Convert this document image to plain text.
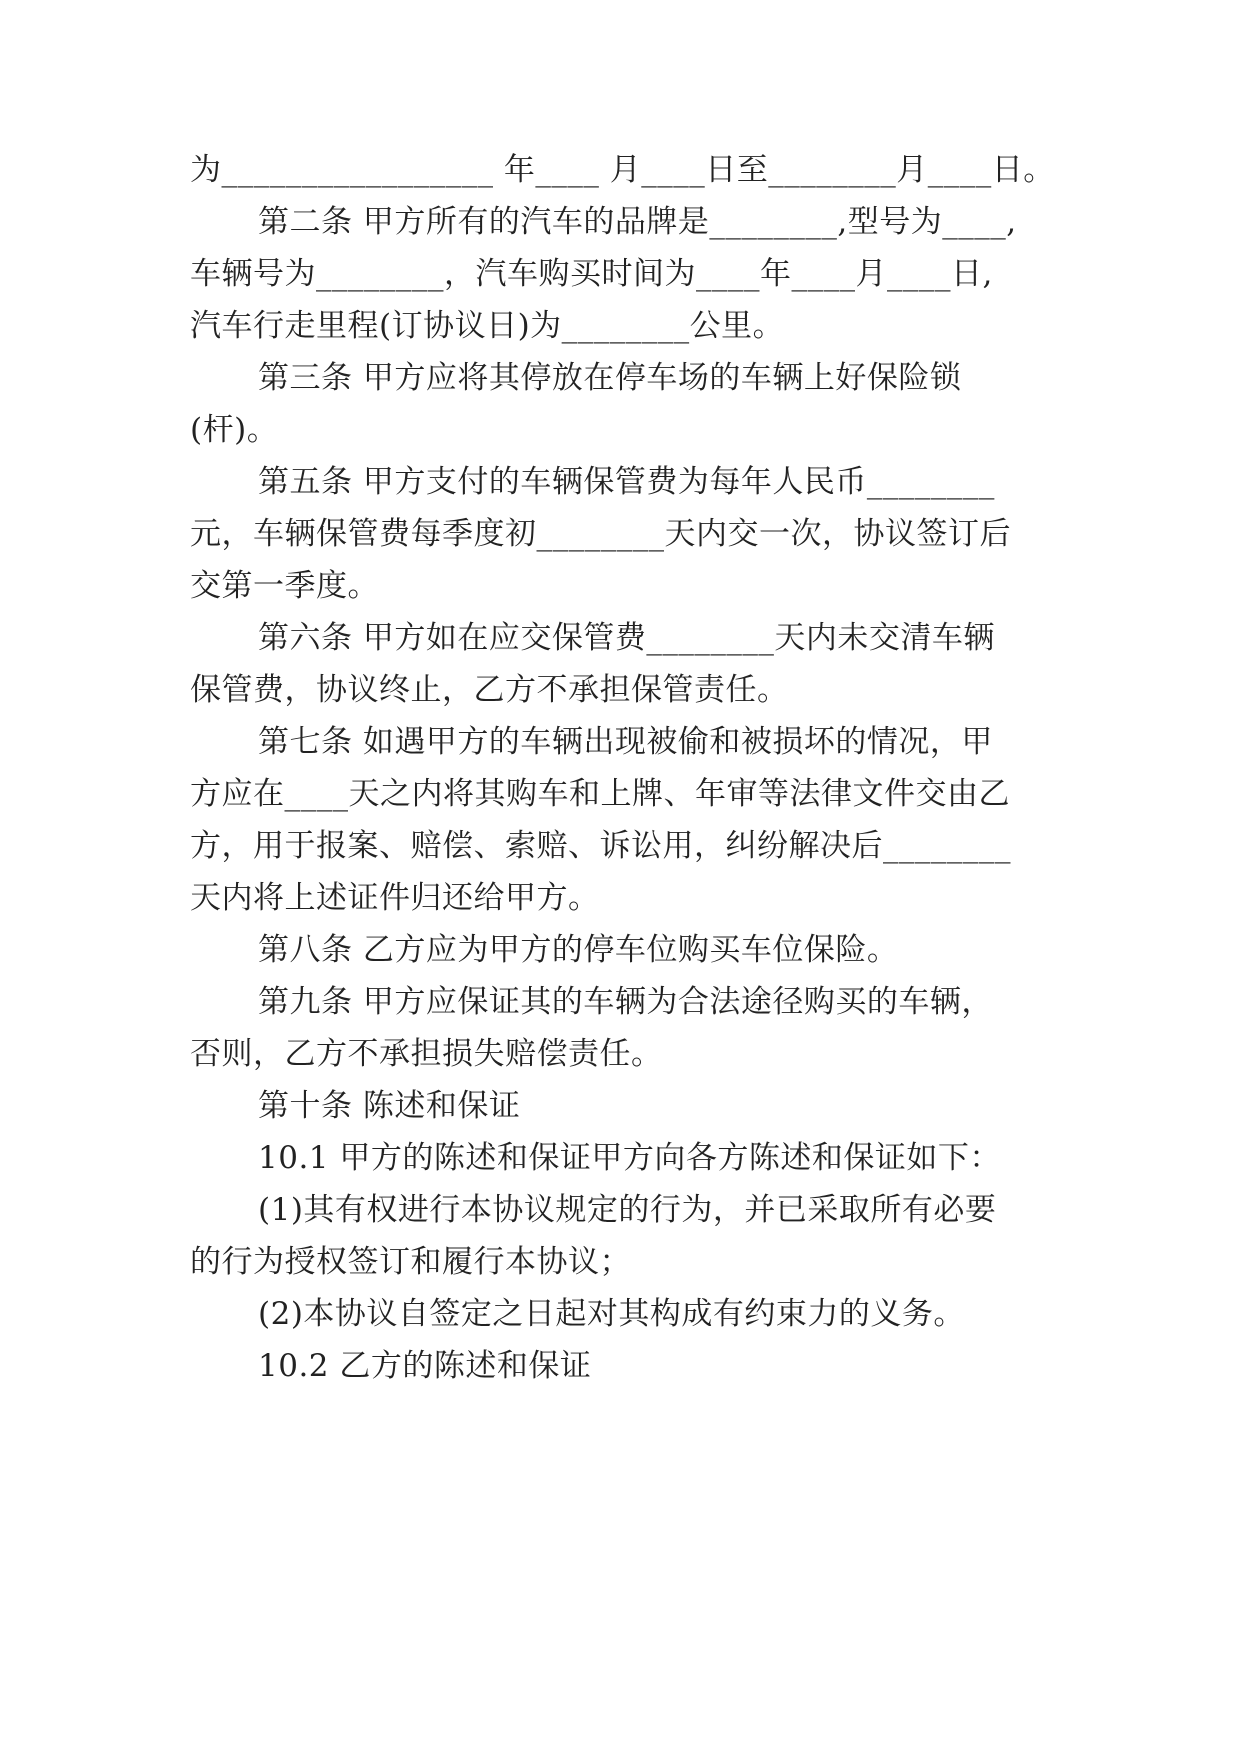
为_________________ 年____ 月____日至________月____日。

第二条 甲方所有的汽车的品牌是________,型号为____,

车辆号为________，汽车购买时间为____年____月____日,

汽车行走里程(订协议日)为________公里。

第三条 甲方应将其停放在停车场的车辆上好保险锁

(杆)。

第五条 甲方支付的车辆保管费为每年人民币________

元，车辆保管费每季度初________天内交一次，协议签订后

交第一季度。

第六条 甲方如在应交保管费________天内未交清车辆

保管费，协议终止，乙方不承担保管责任。

第七条 如遇甲方的车辆出现被偷和被损坏的情况，甲

方应在____天之内将其购车和上牌、年审等法律文件交由乙

方，用于报案、赔偿、索赔、诉讼用，纠纷解决后________

天内将上述证件归还给甲方。

第八条 乙方应为甲方的停车位购买车位保险。

第九条 甲方应保证其的车辆为合法途径购买的车辆，

否则，乙方不承担损失赔偿责任。

第十条 陈述和保证

10.1 甲方的陈述和保证甲方向各方陈述和保证如下：

(1)其有权进行本协议规定的行为，并已采取所有必要

的行为授权签订和履行本协议；

(2)本协议自签定之日起对其构成有约束力的义务。

10.2 乙方的陈述和保证
